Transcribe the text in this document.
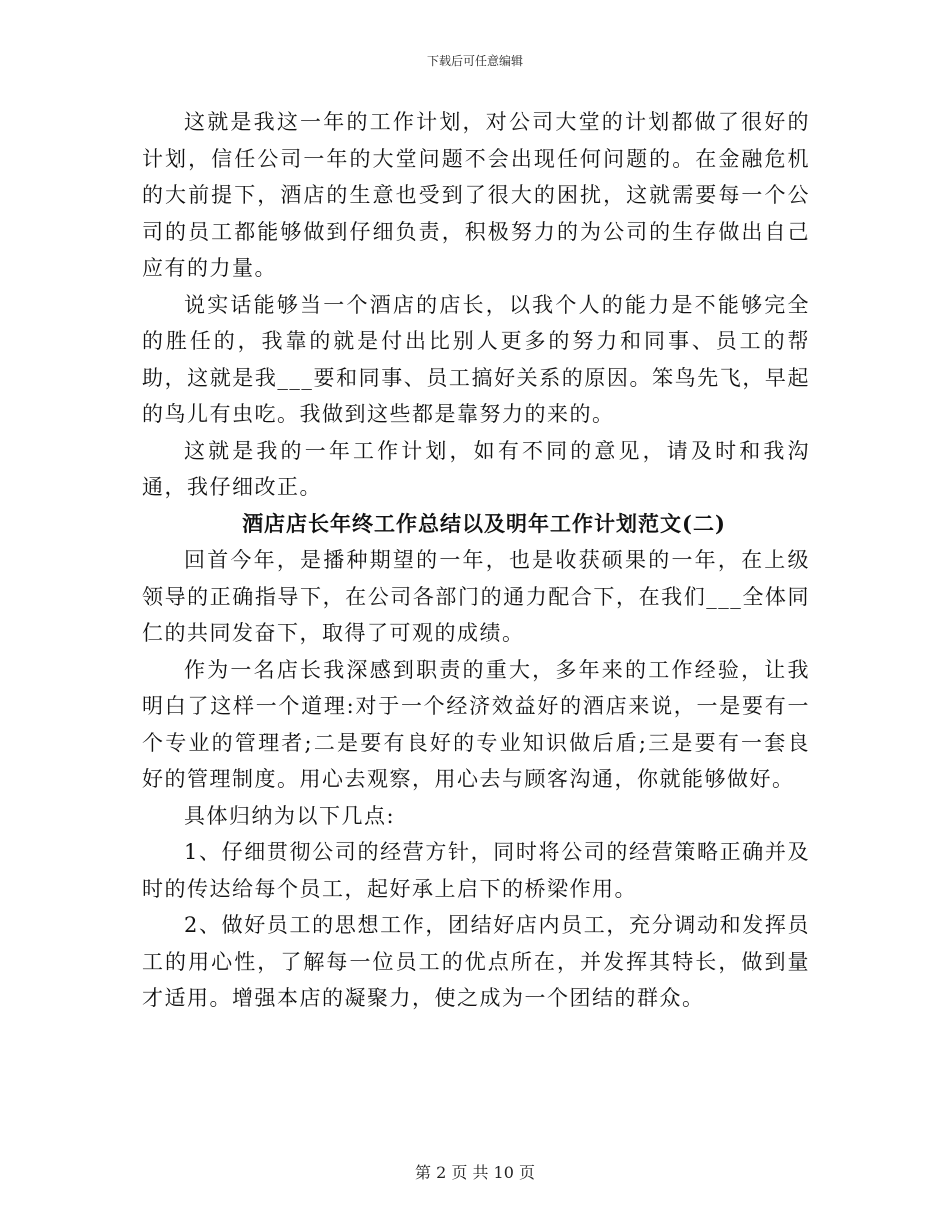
下载后可任意编辑

这就是我这一年的工作计划，对公司大堂的计划都做了很好的计划，信任公司一年的大堂问题不会出现任何问题的。在金融危机的大前提下，酒店的生意也受到了很大的困扰，这就需要每一个公司的员工都能够做到仔细负责，积极努力的为公司的生存做出自己应有的力量。

说实话能够当一个酒店的店长，以我个人的能力是不能够完全的胜任的，我靠的就是付出比别人更多的努力和同事、员工的帮助，这就是我___要和同事、员工搞好关系的原因。笨鸟先飞，早起的鸟儿有虫吃。我做到这些都是靠努力的来的。

这就是我的一年工作计划，如有不同的意见，请及时和我沟通，我仔细改正。

酒店店长年终工作总结以及明年工作计划范文(二)

回首今年，是播种期望的一年，也是收获硕果的一年，在上级领导的正确指导下，在公司各部门的通力配合下，在我们___全体同仁的共同发奋下，取得了可观的成绩。

作为一名店长我深感到职责的重大，多年来的工作经验，让我明白了这样一个道理:对于一个经济效益好的酒店来说，一是要有一个专业的管理者;二是要有良好的专业知识做后盾;三是要有一套良好的管理制度。用心去观察，用心去与顾客沟通，你就能够做好。

具体归纳为以下几点:

1、仔细贯彻公司的经营方针，同时将公司的经营策略正确并及时的传达给每个员工，起好承上启下的桥梁作用。

2、做好员工的思想工作，团结好店内员工，充分调动和发挥员工的用心性，了解每一位员工的优点所在，并发挥其特长，做到量才适用。增强本店的凝聚力，使之成为一个团结的群众。

第 2 页 共 10 页
